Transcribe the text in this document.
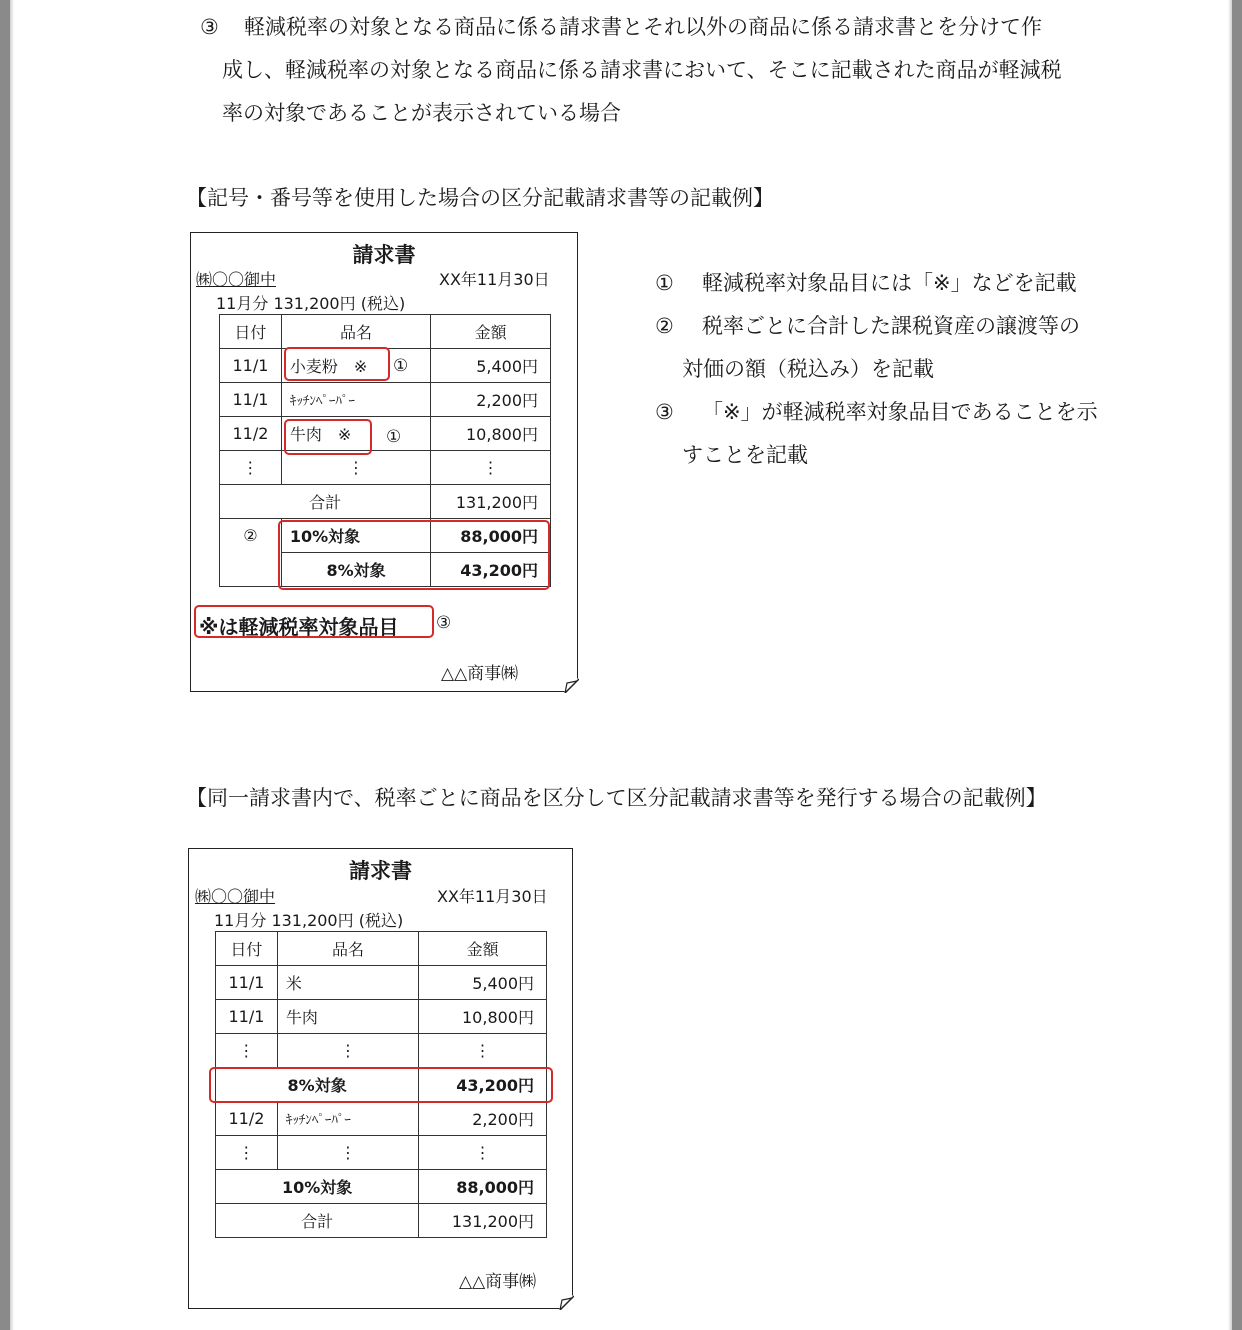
③	軽減税率の対象となる商品に係る請求書とそれ以外の商品に係る請求書とを分けて作
成し、軽減税率の対象となる商品に係る請求書において、そこに記載された商品が軽減税
率の対象であることが表示されている場合
【記号・番号等を使用した場合の区分記載請求書等の記載例】
請求書
㈱〇〇御中	XX年11月30日
11月分 131,200円 (税込)
日付	品名	金額
11/1	小麦粉　※	5,400円
11/1	ｷｯﾁﾝﾍﾟｰﾊﾟｰ	2,200円
11/2	牛肉　※	10,800円
⋮	⋮	⋮
合計		131,200円
②	10%対象	88,000円
	8%対象	43,200円
①
①
※は軽減税率対象品目 ③
△△商事㈱
① 軽減税率対象品目には「※」などを記載
② 税率ごとに合計した課税資産の譲渡等の
対価の額（税込み）を記載
③ 「※」が軽減税率対象品目であることを示
すことを記載
【同一請求書内で、税率ごとに商品を区分して区分記載請求書等を発行する場合の記載例】
請求書
㈱〇〇御中	XX年11月30日
11月分 131,200円 (税込)
日付	品名	金額
11/1	米	5,400円
11/1	牛肉	10,800円
⋮	⋮	⋮
8%対象		43,200円
11/2	ｷｯﾁﾝﾍﾟｰﾊﾟｰ	2,200円
⋮	⋮	⋮
10%対象		88,000円
合計		131,200円
△△商事㈱
